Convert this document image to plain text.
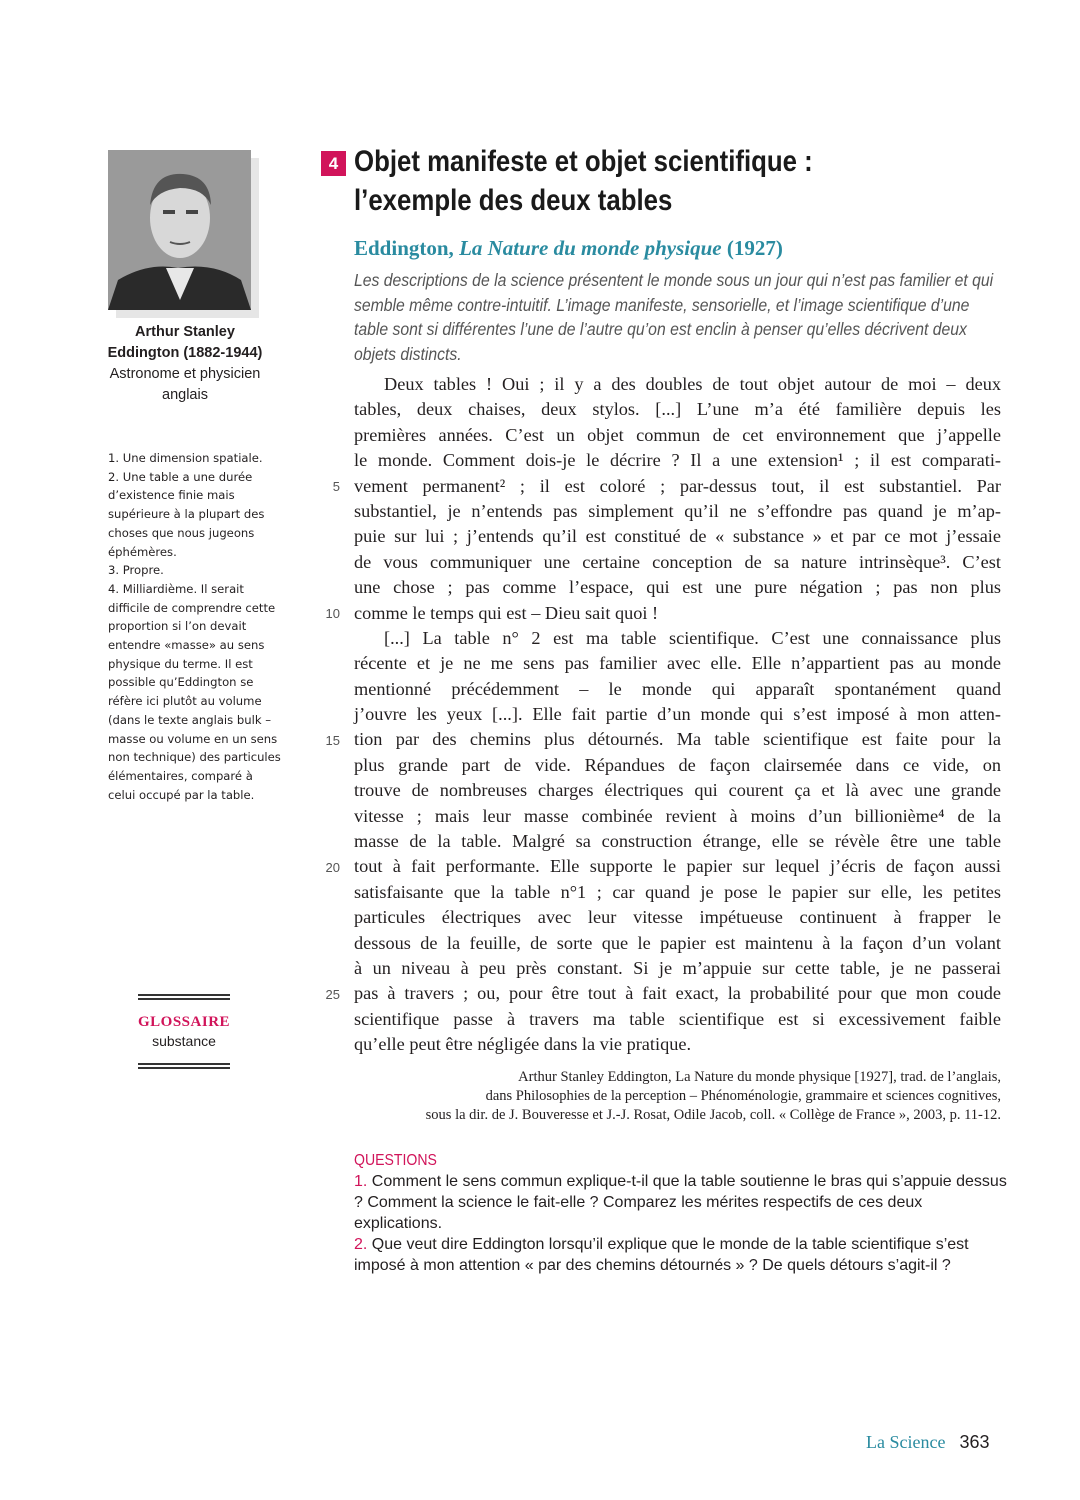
Arthur Stanley
Eddington (1882-1944)
Astronome et physicien
anglais
1. Une dimension spatiale.
2. Une table a une durée d’existence finie mais supérieure à la plupart des choses que nous jugeons éphémères.
3. Propre.
4. Milliardième. Il serait difficile de comprendre cette proportion si l’on devait entendre «masse» au sens physique du terme. Il est possible qu’Eddington se réfère ici plutôt au volume (dans le texte anglais bulk – masse ou volume en un sens non technique) des particules élémentaires, comparé à celui occupé par la table.
GLOSSAIRE
substance
4 Objet manifeste et objet scientifique :
l’exemple des deux tables
Eddington, La Nature du monde physique (1927)
Les descriptions de la science présentent le monde sous un jour qui n’est pas familier et qui semble même contre-intuitif. L’image manifeste, sensorielle, et l’image scientifique d’une table sont si différentes l’une de l’autre qu’on est enclin à penser qu’elles décrivent deux objets distincts.
Deux tables ! Oui ; il y a des doubles de tout objet autour de moi – deux
tables, deux chaises, deux stylos. [...] L’une m’a été familière depuis les
premières années. C’est un objet commun de cet environnement que j’appelle
le monde. Comment dois-je le décrire ? Il a une extension¹ ; il est comparati-
vement permanent² ; il est coloré ; par-dessus tout, il est substantiel. Par
5
substantiel, je n’entends pas simplement qu’il ne s’effondre pas quand je m’ap-
puie sur lui ; j’entends qu’il est constitué de « substance » et par ce mot j’essaie
de vous communiquer une certaine conception de sa nature intrinsèque³. C’est
une chose ; pas comme l’espace, qui est une pure négation ; pas non plus
comme le temps qui est – Dieu sait quoi !
10
[...] La table n° 2 est ma table scientifique. C’est une connaissance plus
récente et je ne me sens pas familier avec elle. Elle n’appartient pas au monde
mentionné précédemment – le monde qui apparaît spontanément quand
j’ouvre les yeux [...]. Elle fait partie d’un monde qui s’est imposé à mon atten-
tion par des chemins plus détournés. Ma table scientifique est faite pour la
15
plus grande part de vide. Répandues de façon clairsemée dans ce vide, on
trouve de nombreuses charges électriques qui courent ça et là avec une grande
vitesse ; mais leur masse combinée revient à moins d’un billionième⁴ de la
masse de la table. Malgré sa construction étrange, elle se révèle être une table
tout à fait performante. Elle supporte le papier sur lequel j’écris de façon aussi
20
satisfaisante que la table n°1 ; car quand je pose le papier sur elle, les petites
particules électriques avec leur vitesse impétueuse continuent à frapper le
dessous de la feuille, de sorte que le papier est maintenu à la façon d’un volant
à un niveau à peu près constant. Si je m’appuie sur cette table, je ne passerai
pas à travers ; ou, pour être tout à fait exact, la probabilité pour que mon coude
25
scientifique passe à travers ma table scientifique est si excessivement faible
qu’elle peut être négligée dans la vie pratique.
Arthur Stanley Eddington, La Nature du monde physique [1927], trad. de l’anglais,
dans Philosophies de la perception – Phénoménologie, grammaire et sciences cognitives,
sous la dir. de J. Bouveresse et J.-J. Rosat, Odile Jacob, coll. « Collège de France », 2003, p. 11-12.
QUESTIONS
1. Comment le sens commun explique-t-il que la table soutienne le bras qui s’appuie dessus ? Comment la science le fait-elle ? Comparez les mérites respectifs de ces deux explications.
2. Que veut dire Eddington lorsqu’il explique que le monde de la table scientifique s’est imposé à mon attention « par des chemins détournés » ? De quels détours s’agit-il ?
La Science 363
